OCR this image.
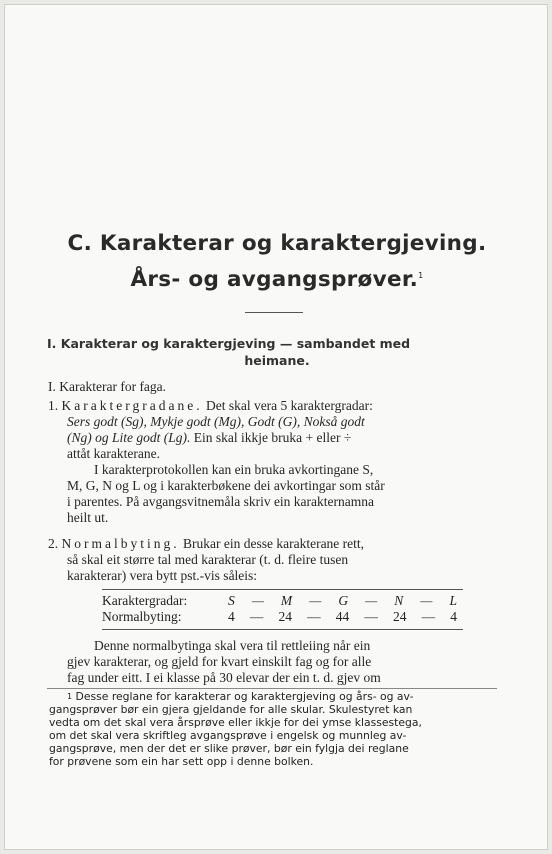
C. Karakterar og karaktergjeving.
Års- og avgangsprøver.$^1$
I. Karakterar og karaktergjeving — sambandet med
heimane.
I. Karakterar for faga.
1. Karaktergradane. Det skal vera 5 karaktergradar:
Sers godt (Sg), Mykje godt (Mg), Godt (G), Nokså godt
(Ng) og Lite godt (Lg). Ein skal ikkje bruka + eller ÷
attåt karakterane.
I karakterprotokollen kan ein bruka avkortingane S,
M, G, N og L og i karakterbøkene dei avkortingar som står
i parentes. På avgangsvitnemåla skriv ein karakternamna
heilt ut.
2. Normalbyting. Brukar ein desse karakterane rett,
så skal eit større tal med karakterar (t. d. fleire tusen
karakterar) vera bytt pst.-vis såleis:
Karaktergradar:	S — M — G — N — L
Normalbyting:	4 — 24 — 44 — 24 — 4
Denne normalbytinga skal vera til rettleiing når ein
gjev karakterar, og gjeld for kvart einskilt fag og for alle
fag under eitt. I ei klasse på 30 elevar der ein t. d. gjev om
$^1$ Desse reglane for karakterar og karaktergjeving og års- og av-
gangsprøver bør ein gjera gjeldande for alle skular. Skulestyret kan
vedta om det skal vera årsprøve eller ikkje for dei ymse klassestega,
om det skal vera skriftleg avgangsprøve i engelsk og munnleg av-
gangsprøve, men der det er slike prøver, bør ein fylgja dei reglane
for prøvene som ein har sett opp i denne bolken.
